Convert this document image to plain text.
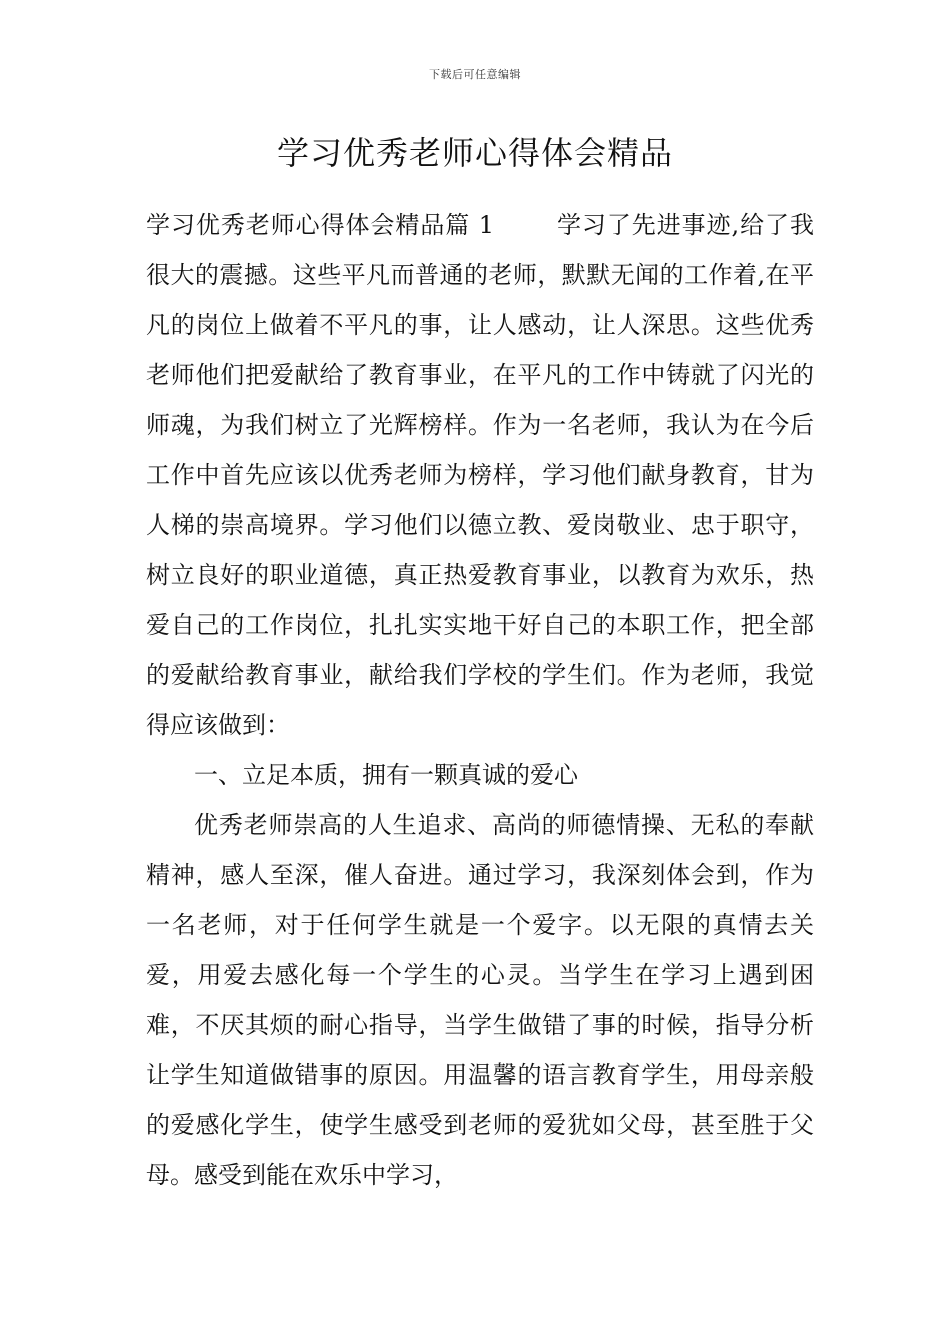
下载后可任意编辑
学习优秀老师心得体会精品

学习优秀老师心得体会精品篇 1	学习了先进事迹,给了我很大的震撼。这些平凡而普通的老师，默默无闻的工作着,在平凡的岗位上做着不平凡的事，让人感动，让人深思。这些优秀老师他们把爱献给了教育事业，在平凡的工作中铸就了闪光的师魂，为我们树立了光辉榜样。作为一名老师，我认为在今后工作中首先应该以优秀老师为榜样，学习他们献身教育，甘为人梯的崇高境界。学习他们以德立教、爱岗敬业、忠于职守，树立良好的职业道德，真正热爱教育事业，以教育为欢乐，热爱自己的工作岗位，扎扎实实地干好自己的本职工作，把全部的爱献给教育事业，献给我们学校的学生们。作为老师，我觉得应该做到：

一、立足本质，拥有一颗真诚的爱心

优秀老师崇高的人生追求、高尚的师德情操、无私的奉献精神，感人至深，催人奋进。通过学习，我深刻体会到，作为一名老师，对于任何学生就是一个爱字。以无限的真情去关爱，用爱去感化每一个学生的心灵。当学生在学习上遇到困难，不厌其烦的耐心指导，当学生做错了事的时候，指导分析让学生知道做错事的原因。用温馨的语言教育学生，用母亲般的爱感化学生，使学生感受到老师的爱犹如父母，甚至胜于父母。感受到能在欢乐中学习，
